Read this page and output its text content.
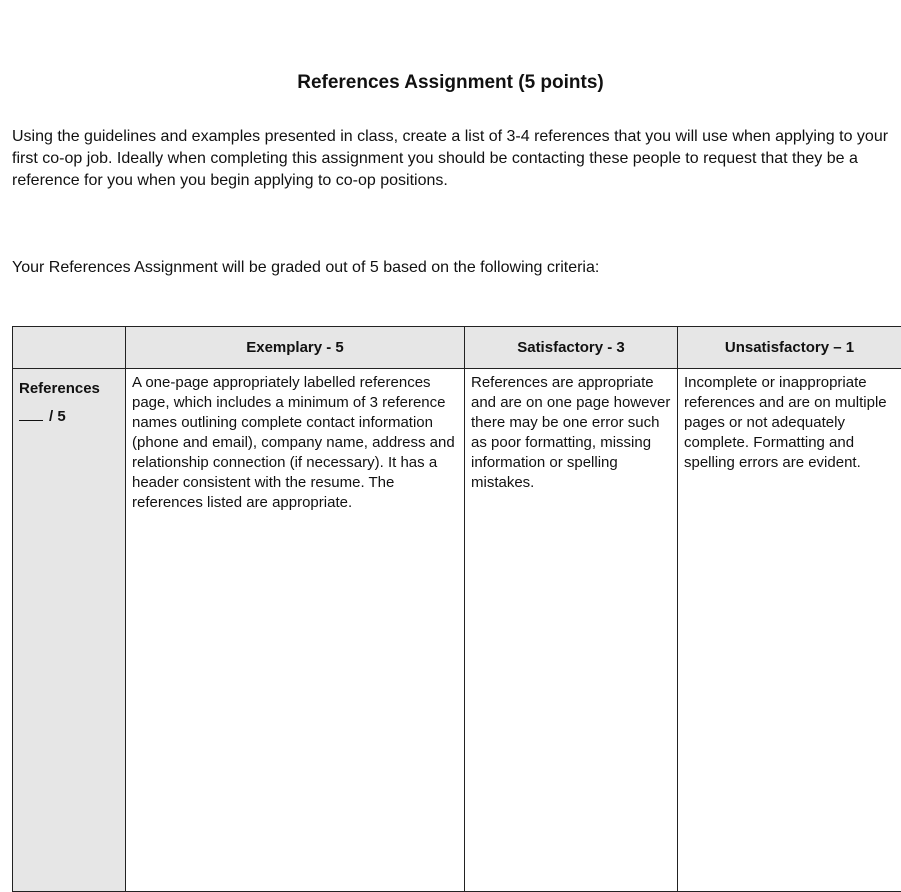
References Assignment (5 points)
Using the guidelines and examples presented in class, create a list of 3-4 references that you will use when applying to your first co-op job. Ideally when completing this assignment you should be contacting these people to request that they be a reference for you when you begin applying to co-op positions.
Your References Assignment will be graded out of 5 based on the following criteria:
	Exemplary - 5	Satisfactory - 3	Unsatisfactory – 1
References
/ 5	A one-page appropriately labelled references page, which includes a minimum of 3 reference names outlining complete contact information (phone and email), company name, address and relationship connection (if necessary). It has a header consistent with the resume. The references listed are appropriate.	References are appropriate and are on one page however there may be one error such as poor formatting, missing information or spelling mistakes.	Incomplete or inappropriate references and are on multiple pages or not adequately complete. Formatting and spelling errors are evident.
